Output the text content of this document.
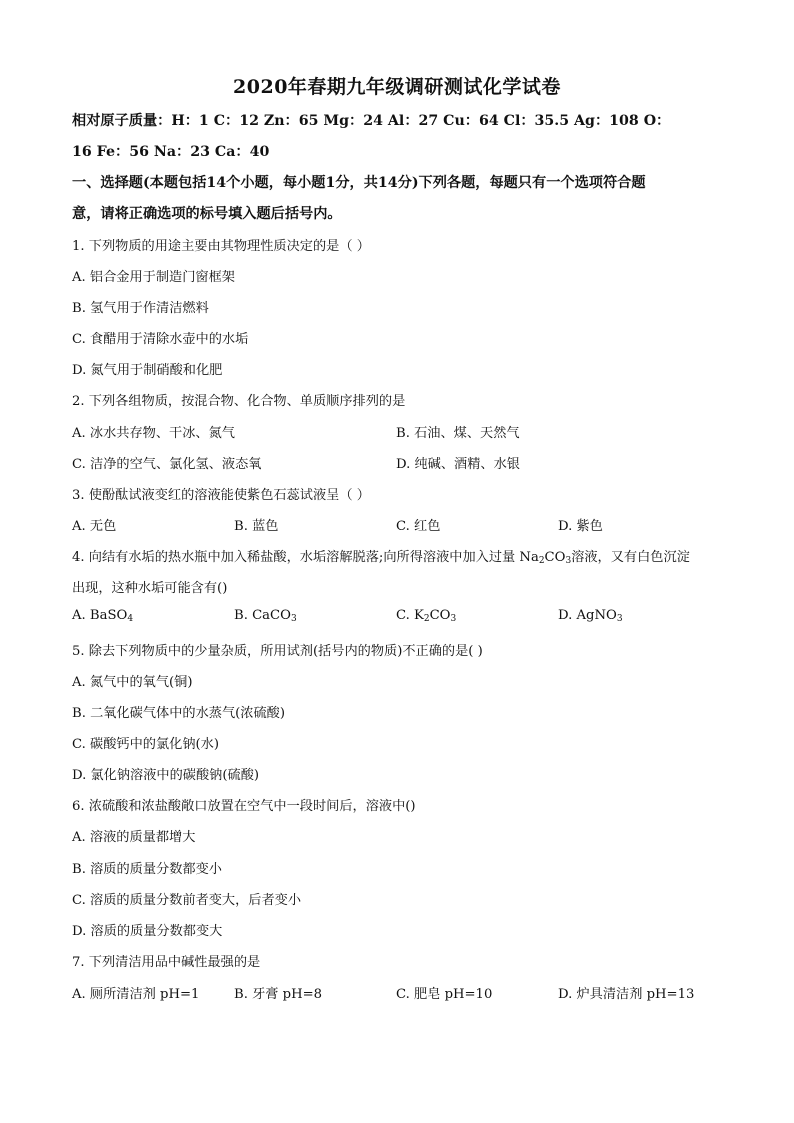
2020年春期九年级调研测试化学试卷
相对原子质量：H：1 C：12 Zn：65 Mg：24 Al：27 Cu：64 Cl：35.5 Ag：108 O：
16 Fe：56 Na：23 Ca：40
一、选择题(本题包括14个小题，每小题1分，共14分)下列各题，每题只有一个选项符合题
意，请将正确选项的标号填入题后括号内。
1. 下列物质的用途主要由其物理性质决定的是（ ）
A. 铝合金用于制造门窗框架
B. 氢气用于作清洁燃料
C. 食醋用于清除水壶中的水垢
D. 氮气用于制硝酸和化肥
2. 下列各组物质，按混合物、化合物、单质顺序排列的是
A. 冰水共存物、干冰、氮气	B. 石油、煤、天然气
C. 洁净的空气、氯化氢、液态氧	D. 纯碱、酒精、水银
3. 使酚酞试液变红的溶液能使紫色石蕊试液呈（ ）
A. 无色	B. 蓝色	C. 红色	D. 紫色
4. 向结有水垢的热水瓶中加入稀盐酸，水垢溶解脱落;向所得溶液中加入过量 $Na_2CO_3$溶液，又有白色沉淀
出现，这种水垢可能含有()
A. BaSO$_4$	B. CaCO$_3$	C. $K_2CO_3$	D. AgNO$_3$
5. 除去下列物质中的少量杂质，所用试剂(括号内的物质)不正确的是( )
A. 氮气中的氧气(铜)
B. 二氧化碳气体中的水蒸气(浓硫酸)
C. 碳酸钙中的氯化钠(水)
D. 氯化钠溶液中的碳酸钠(硫酸)
6. 浓硫酸和浓盐酸敞口放置在空气中一段时间后，溶液中()
A. 溶液的质量都增大
B. 溶质的质量分数都变小
C. 溶质的质量分数前者变大，后者变小
D. 溶质的质量分数都变大
7. 下列清洁用品中碱性最强的是
A. 厕所清洁剂 pH=1	B. 牙膏 pH=8	C. 肥皂 pH=10	D. 炉具清洁剂 pH=13
